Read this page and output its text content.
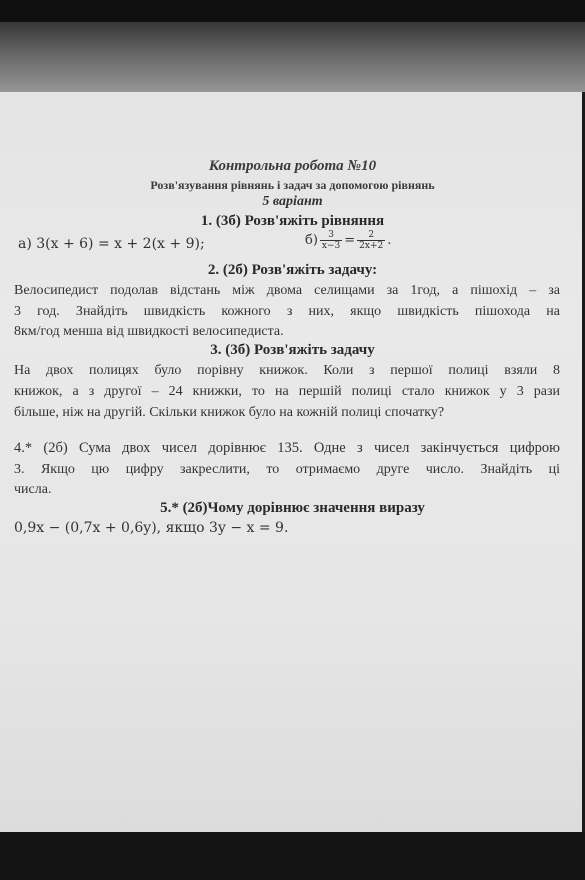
Контрольна робота №10
Розв'язування рівнянь і задач за допомогою рівнянь
5 варіант
1. (3б) Розв'яжіть рівняння
а) 3(x + 6) = x + 2(x + 9);	$б) \frac{3}{x-3} = \frac{2}{2x+2}$ .
2. (2б) Розв'яжіть задачу:
Велосипедист подолав відстань між двома селищами за 1год, а пішохід – за
3 год. Знайдіть швидкість кожного з них, якщо швидкість пішохода на
8км/год менша від швидкості велосипедиста.
3. (3б) Розв'яжіть задачу
На двох полицях було порівну книжок. Коли з першої полиці взяли 8
книжок, а з другої – 24 книжки, то на першій полиці стало книжок у 3 рази
більше, ніж на другій. Скільки книжок було на кожній полиці спочатку?
4.* (2б) Сума двох чисел дорівнює 135. Одне з чисел закінчується цифрою
3. Якщо цю цифру закреслити, то отримаємо друге число. Знайдіть ці
числа.
5.* (2б)Чому дорівнює значення виразу
0,9x − (0,7x + 0,6y), якщо 3y − x = 9.
